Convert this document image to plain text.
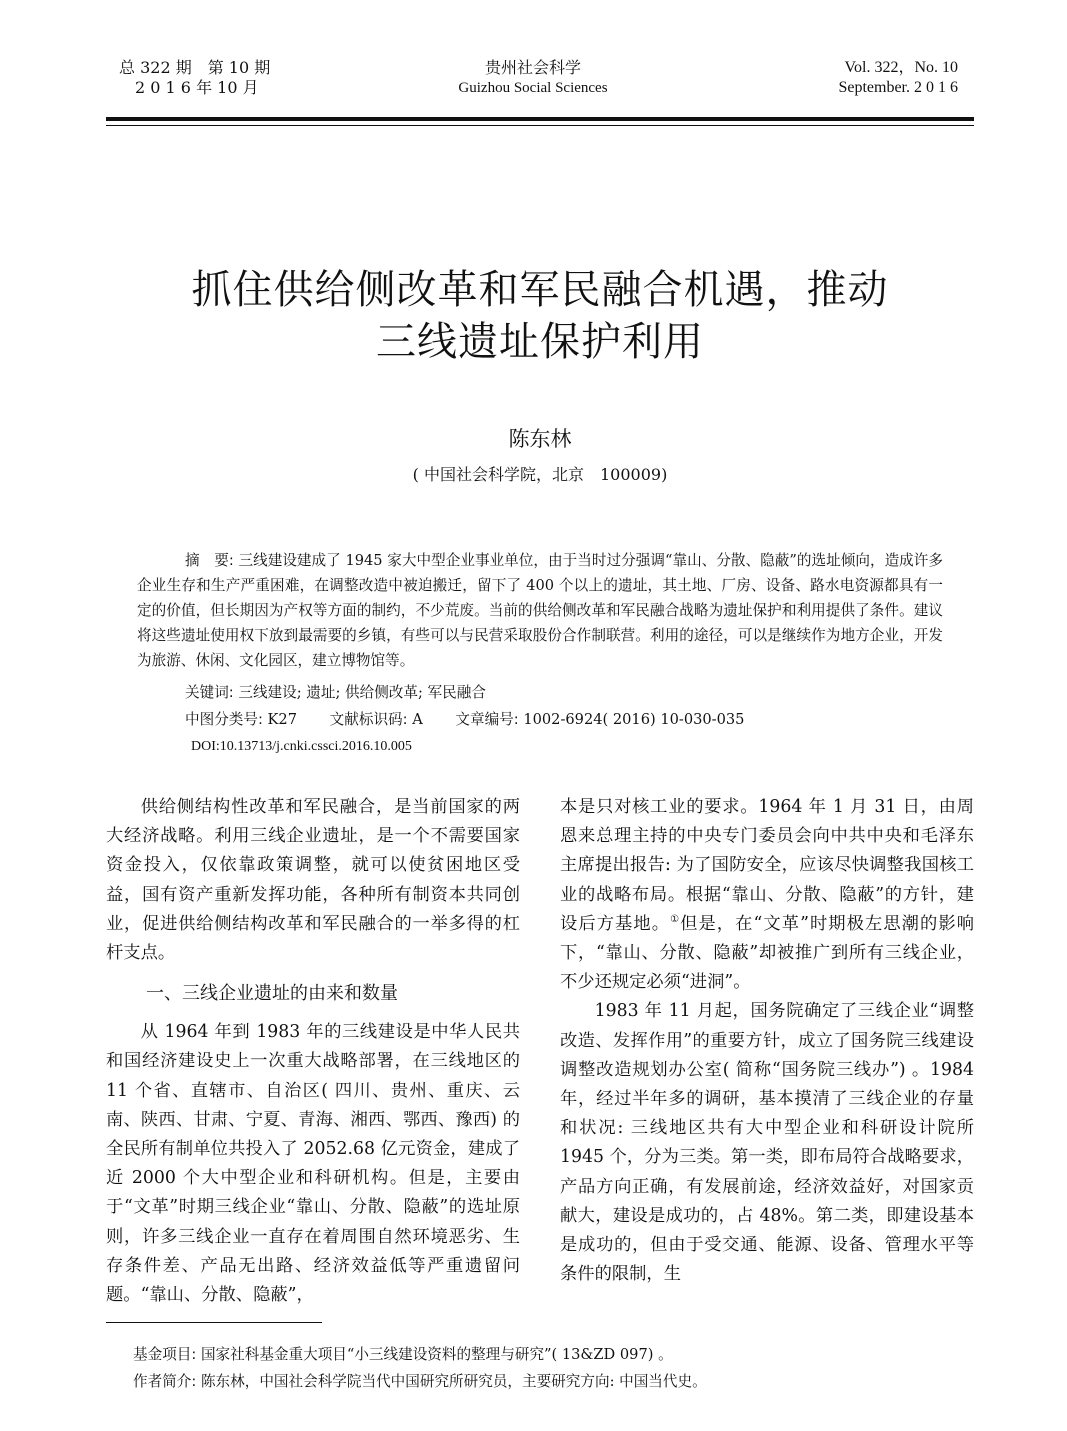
总 322 期　第 10 期
2 0 1 6 年 10 月
贵州社会科学
Guizhou Social Sciences
Vol. 322，No. 10
September. 2 0 1 6
抓住供给侧改革和军民融合机遇，推动
三线遗址保护利用
陈东林
( 中国社会科学院，北京　100009)
摘　要: 三线建设建成了 1945 家大中型企业事业单位，由于当时过分强调“靠山、分散、隐蔽”的选址倾向，造成许多企业生存和生产严重困难，在调整改造中被迫搬迁，留下了 400 个以上的遗址，其土地、厂房、设备、路水电资源都具有一定的价值，但长期因为产权等方面的制约，不少荒废。当前的供给侧改革和军民融合战略为遗址保护和利用提供了条件。建议将这些遗址使用权下放到最需要的乡镇，有些可以与民营采取股份合作制联营。利用的途径，可以是继续作为地方企业，开发为旅游、休闲、文化园区，建立博物馆等。
关键词: 三线建设; 遗址; 供给侧改革; 军民融合
中图分类号: K27 文献标识码: A 文章编号: 1002-6924( 2016) 10-030-035
DOI:10.13713/j.cnki.cssci.2016.10.005

供给侧结构性改革和军民融合，是当前国家的两大经济战略。利用三线企业遗址，是一个不需要国家资金投入，仅依靠政策调整，就可以使贫困地区受益，国有资产重新发挥功能，各种所有制资本共同创业，促进供给侧结构改革和军民融合的一举多得的杠杆支点。

一、三线企业遗址的由来和数量

从 1964 年到 1983 年的三线建设是中华人民共和国经济建设史上一次重大战略部署，在三线地区的 11 个省、直辖市、自治区( 四川、贵州、重庆、云南、陕西、甘肃、宁夏、青海、湘西、鄂西、豫西) 的全民所有制单位共投入了 2052.68 亿元资金，建成了近 2000 个大中型企业和科研机构。但是，主要由于“文革”时期三线企业“靠山、分散、隐蔽”的选址原则，许多三线企业一直存在着周围自然环境恶劣、生存条件差、产品无出路、经济效益低等严重遗留问题。“靠山、分散、隐蔽”，

本是只对核工业的要求。1964 年 1 月 31 日，由周恩来总理主持的中央专门委员会向中共中央和毛泽东主席提出报告: 为了国防安全，应该尽快调整我国核工业的战略布局。根据“靠山、分散、隐蔽”的方针，建设后方基地。①但是，在“文革”时期极左思潮的影响下，“靠山、分散、隐蔽”却被推广到所有三线企业，不少还规定必须“进洞”。

1983 年 11 月起，国务院确定了三线企业“调整改造、发挥作用”的重要方针，成立了国务院三线建设调整改造规划办公室( 简称“国务院三线办”) 。1984 年，经过半年多的调研，基本摸清了三线企业的存量和状况: 三线地区共有大中型企业和科研设计院所 1945 个，分为三类。第一类，即布局符合战略要求，产品方向正确，有发展前途，经济效益好，对国家贡献大，建设是成功的，占 48%。第二类，即建设基本是成功的，但由于受交通、能源、设备、管理水平等条件的限制，生

基金项目: 国家社科基金重大项目“小三线建设资料的整理与研究”( 13&ZD 097) 。
作者简介: 陈东林，中国社会科学院当代中国研究所研究员，主要研究方向: 中国当代史。
